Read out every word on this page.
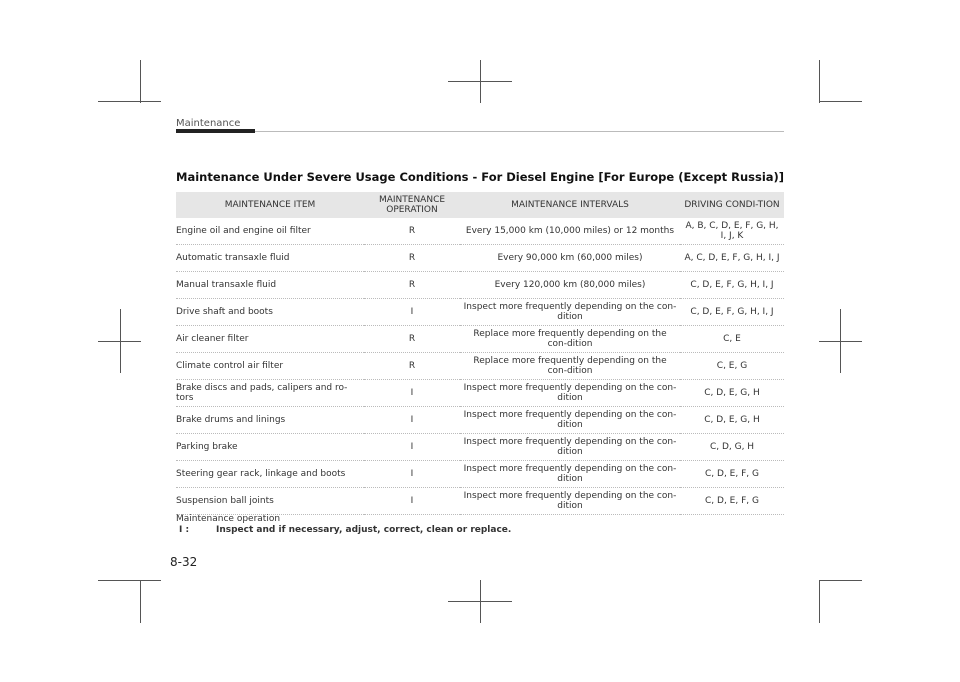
Maintenance
Maintenance Under Severe Usage Conditions - For Diesel Engine [For Europe (Except Russia)]
MAINTENANCE ITEM	MAINTENANCE OPERATION	MAINTENANCE INTERVALS	DRIVING CONDI-TION
Engine oil and engine oil filter	R	Every 15,000 km (10,000 miles) or 12 months	A, B, C, D, E, F, G, H, I, J, K
Automatic transaxle fluid	R	Every 90,000 km (60,000 miles)	A, C, D, E, F, G, H, I, J
Manual transaxle fluid	R	Every 120,000 km (80,000 miles)	C, D, E, F, G, H, I, J
Drive shaft and boots	I	Inspect more frequently depending on the con-dition	C, D, E, F, G, H, I, J
Air cleaner filter	R	Replace more frequently depending on the con-dition	C, E
Climate control air filter	R	Replace more frequently depending on the con-dition	C, E, G
Brake discs and pads, calipers and ro-tors	I	Inspect more frequently depending on the con-dition	C, D, E, G, H
Brake drums and linings	I	Inspect more frequently depending on the con-dition	C, D, E, G, H
Parking brake	I	Inspect more frequently depending on the con-dition	C, D, G, H
Steering gear rack, linkage and boots	I	Inspect more frequently depending on the con-dition	C, D, E, F, G
Suspension ball joints	I	Inspect more frequently depending on the con-dition	C, D, E, F, G
Maintenance operation
I :	Inspect and if necessary, adjust, correct, clean or replace.
8-32
